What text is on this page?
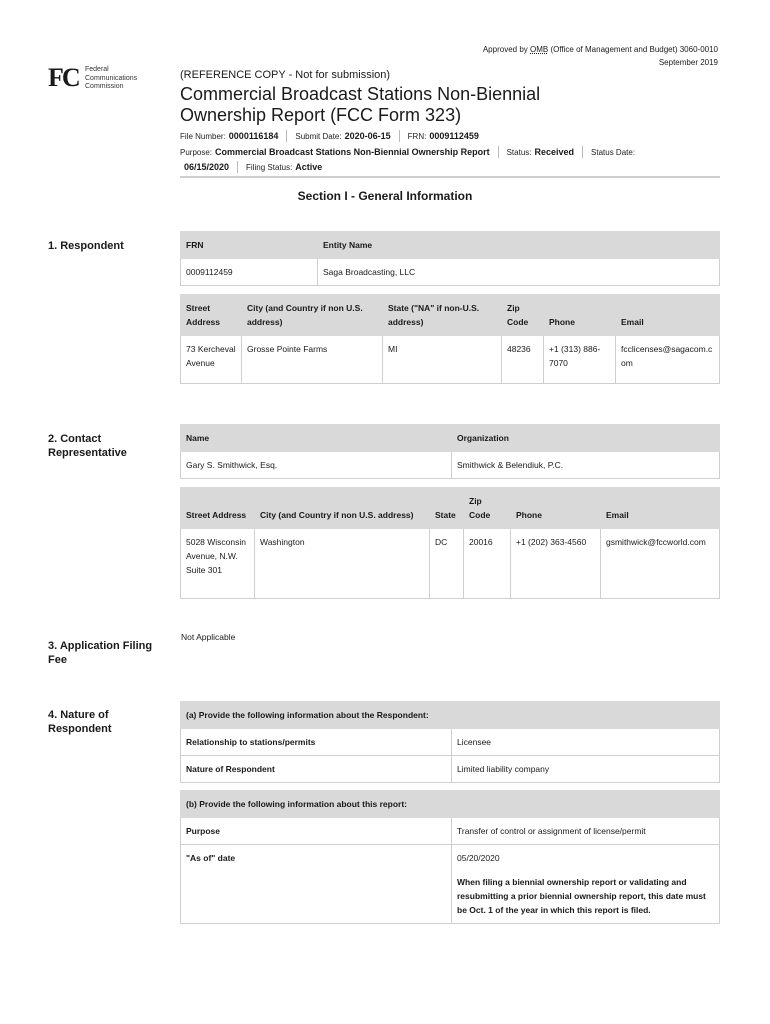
Approved by OMB (Office of Management and Budget) 3060-0010
September 2019
FC Federal
Communications
Commission
(REFERENCE COPY - Not for submission)
Commercial Broadcast Stations Non-Biennial Ownership Report (FCC Form 323)
File Number: 0000116184 Submit Date: 2020-06-15 FRN: 0009112459
Purpose: Commercial Broadcast Stations Non-Biennial Ownership Report Status: Received Status Date:
06/15/2020 Filing Status: Active
Section I - General Information
1. Respondent	FRN	Entity Name
0009112459	Saga Broadcasting, LLC
Street Address	City (and Country if non U.S. address)	State ("NA" if non-U.S. address)	Zip Code	Phone	Email
73 Kercheval Avenue	Grosse Pointe Farms	MI	48236	+1 (313) 886-7070	fcclicenses@sagacom.com
2. Contact Representative
Name	Organization
Gary S. Smithwick, Esq.	Smithwick & Belendiuk, P.C.
Street Address	City (and Country if non U.S. address)	State	Zip Code	Phone	Email
5028 Wisconsin Avenue, N.W. Suite 301	Washington	DC	20016	+1 (202) 363-4560	gsmithwick@fccworld.com
3. Application Filing Fee
Not Applicable
4. Nature of Respondent
(a) Provide the following information about the Respondent:	
Relationship to stations/permits	Licensee
Nature of Respondent	Limited liability company
(b) Provide the following information about this report:	
Purpose	Transfer of control or assignment of license/permit
"As of" date	05/20/2020
When filing a biennial ownership report or validating and resubmitting a prior biennial ownership report, this date must be Oct. 1 of the year in which this report is filed.
